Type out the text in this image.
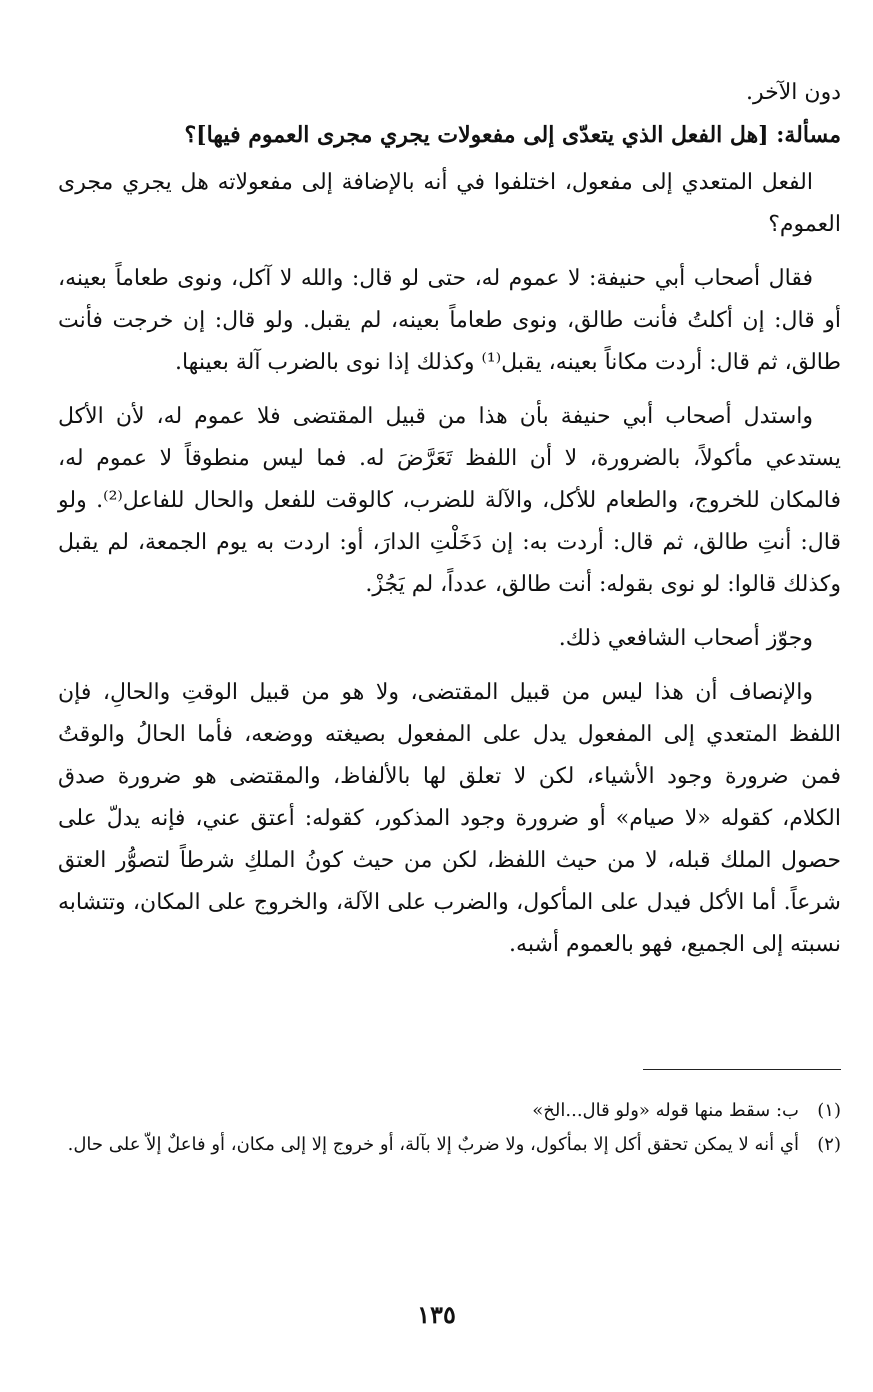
دون الآخر.

مسألة: [هل الفعل الذي يتعدّى إلى مفعولات يجري مجرى العموم فيها]؟

الفعل المتعدي إلى مفعول، اختلفوا في أنه بالإضافة إلى مفعولاته هل يجري مجرى العموم؟

فقال أصحاب أبي حنيفة: لا عموم له، حتى لو قال: والله لا آكل، ونوى طعاماً بعينه، أو قال: إن أكلتُ فأنت طالق، ونوى طعاماً بعينه، لم يقبل. ولو قال: إن خرجت فأنت طالق، ثم قال: أردت مكاناً بعينه، يقبل⁽¹⁾ وكذلك إذا نوى بالضرب آلة بعينها.

واستدل أصحاب أبي حنيفة بأن هذا من قبيل المقتضى فلا عموم له، لأن الأكل يستدعي مأكولاً، بالضرورة، لا أن اللفظ تَعَرَّضَ له. فما ليس منطوقاً لا عموم له، فالمكان للخروج، والطعام للأكل، والآلة للضرب، كالوقت للفعل والحال للفاعل⁽²⁾. ولو قال: أنتِ طالق، ثم قال: أردت به: إن دَخَلْتِ الدارَ، أو: اردت به يوم الجمعة، لم يقبل وكذلك قالوا: لو نوى بقوله: أنت طالق، عدداً، لم يَجُزْ.

وجوّز أصحاب الشافعي ذلك.

والإنصاف أن هذا ليس من قبيل المقتضى، ولا هو من قبيل الوقتِ والحالِ، فإن اللفظ المتعدي إلى المفعول يدل على المفعول بصيغته ووضعه، فأما الحالُ والوقتُ فمن ضرورة وجود الأشياء، لكن لا تعلق لها بالألفاظ، والمقتضى هو ضرورة صدق الكلام، كقوله «لا صيام» أو ضرورة وجود المذكور، كقوله: أعتق عني، فإنه يدلّ على حصول الملك قبله، لا من حيث اللفظ، لكن من حيث كونُ الملكِ شرطاً لتصوُّر العتق شرعاً. أما الأكل فيدل على المأكول، والضرب على الآلة، والخروج على المكان، وتتشابه نسبته إلى الجميع، فهو بالعموم أشبه.

(١)
ب: سقط منها قوله «ولو قال...الخ»
(٢)
أي أنه لا يمكن تحقق أكل إلا بمأكول، ولا ضربٌ إلا بآلة، أو خروج إلا إلى مكان، أو فاعلٌ إلاّ على حال.
١٣٥
